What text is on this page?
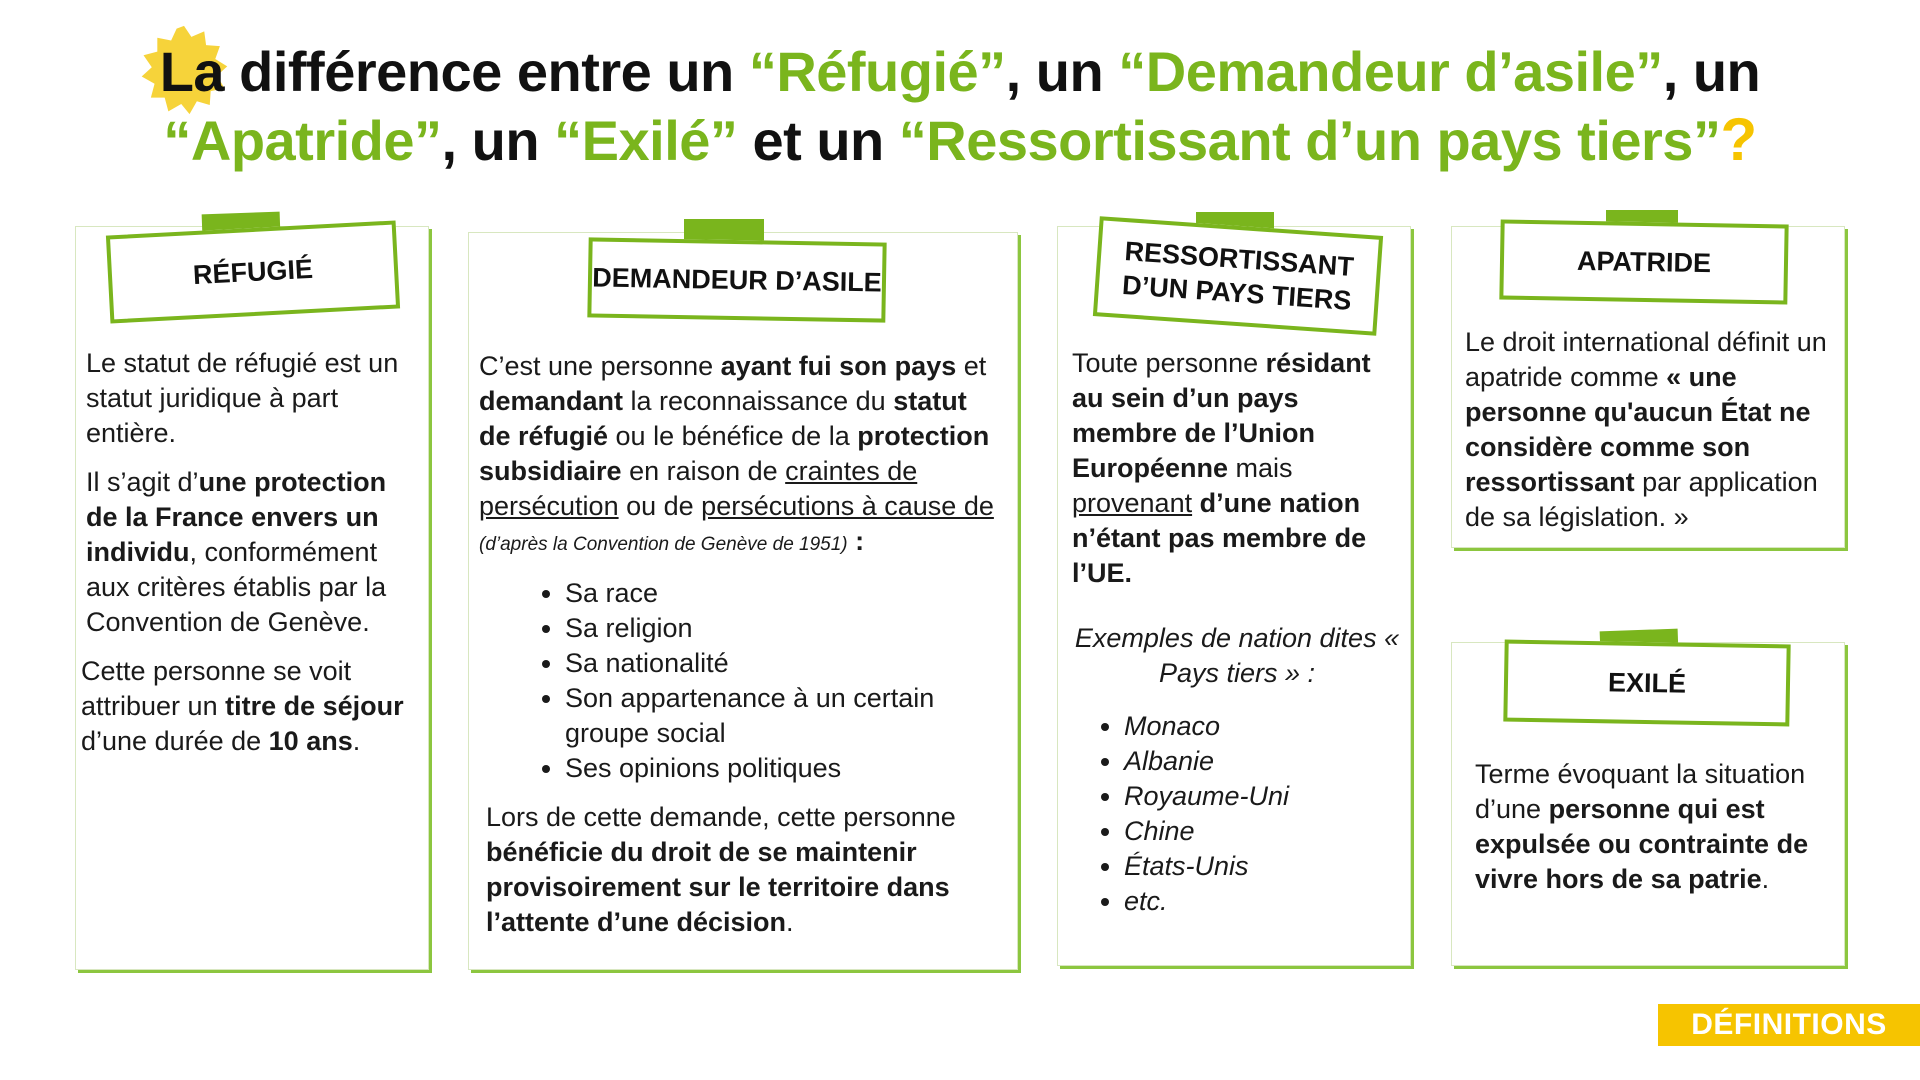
La différence entre un “Réfugié”, un “Demandeur d’asile”, un
“Apatride”, un “Exilé” et un “Ressortissant d’un pays tiers”?
RÉFUGIÉ

Le statut de réfugié est un statut juridique à part entière.

Il s’agit d’une protection de la France envers un individu, conformément aux critères établis par la Convention de Genève.

Cette personne se voit attribuer un titre de séjour d’une durée de 10 ans.

DEMANDEUR D’ASILE

C’est une personne ayant fui son pays et demandant la reconnaissance du statut de réfugié ou le bénéfice de la protection subsidiaire en raison de craintes de persécution ou de persécutions à cause de (d’après la Convention de Genève de 1951) :

• Sa race
• Sa religion
• Sa nationalité
• Son appartenance à un certain groupe social
• Ses opinions politiques

Lors de cette demande, cette personne bénéficie du droit de se maintenir provisoirement sur le territoire dans l’attente d’une décision.

RESSORTISSANT
D’UN PAYS TIERS

Toute personne résidant au sein d’un pays membre de l’Union Européenne mais provenant d’une nation n’étant pas membre de l’UE.

Exemples de nation dites « Pays tiers » :

• Monaco
• Albanie
• Royaume-Uni
• Chine
• États-Unis
• etc.
APATRIDE

Le droit international définit un apatride comme « une personne qu'aucun État ne considère comme son ressortissant par application de sa législation. »

EXILÉ

Terme évoquant la situation d’une personne qui est expulsée ou contrainte de vivre hors de sa patrie.

DÉFINITIONS
